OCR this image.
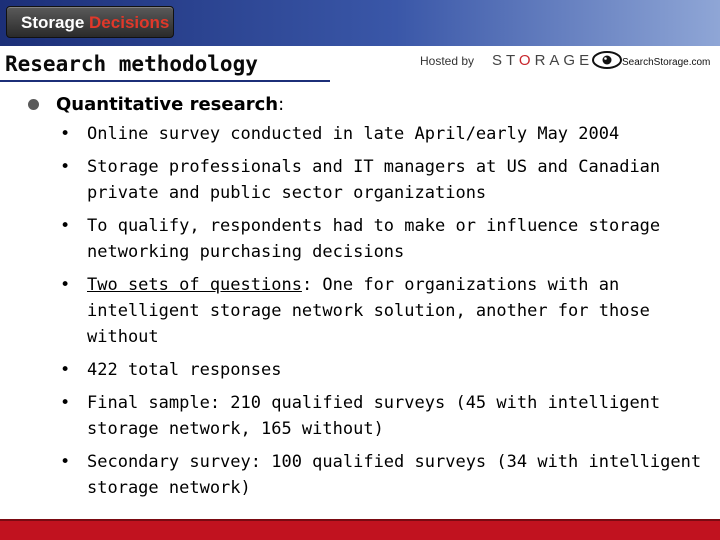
Storage Decisions
Research methodology	Hosted by STORAGE	SearchStorage.com
Quantitative research:
• Online survey conducted in late April/early May 2004
• Storage professionals and IT managers at US and Canadian private and public sector organizations
• To qualify, respondents had to make or influence storage networking purchasing decisions
• Two sets of questions: One for organizations with an intelligent storage network solution, another for those without
• 422 total responses
• Final sample: 210 qualified surveys (45 with intelligent storage network, 165 without)
• Secondary survey: 100 qualified surveys (34 with intelligent storage network)
